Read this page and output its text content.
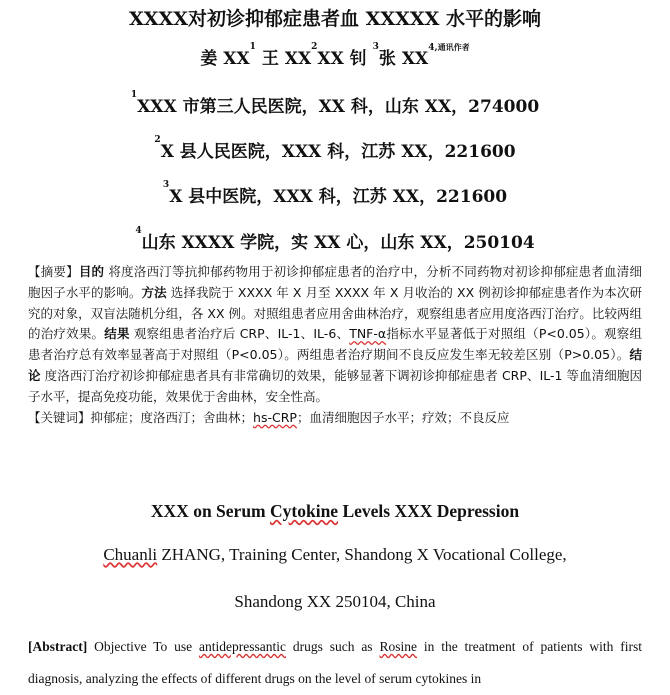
XXXX对初诊抑郁症患者血 XXXXX 水平的影响
姜 $XX^1$ 王 $XX^2XX$ 钊 $^3$张 $XX^{4,通讯作者}$
$^1$XXX 市第三人民医院，XX 科，山东 XX，274000
$^2$X 县人民医院，XXX 科，江苏 XX，221600
$^3$X 县中医院，XXX 科，江苏 XX，221600
$^4$山东 XXXX 学院，实 XX 心，山东 XX，250104

【摘要】目的 将度洛西汀等抗抑郁药物用于初诊抑郁症患者的治疗中，分析不同药物对初诊抑郁症患者血清细胞因子水平的影响。方法 选择我院于 XXXX 年 X 月至 XXXX 年 X 月收治的 XX 例初诊抑郁症患者作为本次研究的对象，双盲法随机分组，各 XX 例。对照组患者应用舍曲林治疗，观察组患者应用度洛西汀治疗。比较两组的治疗效果。结果 观察组患者治疗后 CRP、IL-1、IL-6、TNF-α指标水平显著低于对照组（P<0.05）。观察组患者治疗总有效率显著高于对照组（P<0.05）。两组患者治疗期间不良反应发生率无较差区别（P>0.05）。结论 度洛西汀治疗初诊抑郁症患者具有非常确切的效果，能够显著下调初诊抑郁症患者 CRP、IL-1 等血清细胞因子水平，提高免疫功能，效果优于舍曲林，安全性高。

【关键词】抑郁症；度洛西汀；舍曲林；hs-CRP；血清细胞因子水平；疗效；不良反应

XXX on Serum Cytokine Levels XXX Depression
Chuanli ZHANG, Training Center, Shandong X Vocational College,
Shandong XX 250104, China

[Abstract] Objective To use antidepressantic drugs such as Rosine in the treatment of patients with first diagnosis, analyzing the effects of different drugs on the level of serum cytokines in
